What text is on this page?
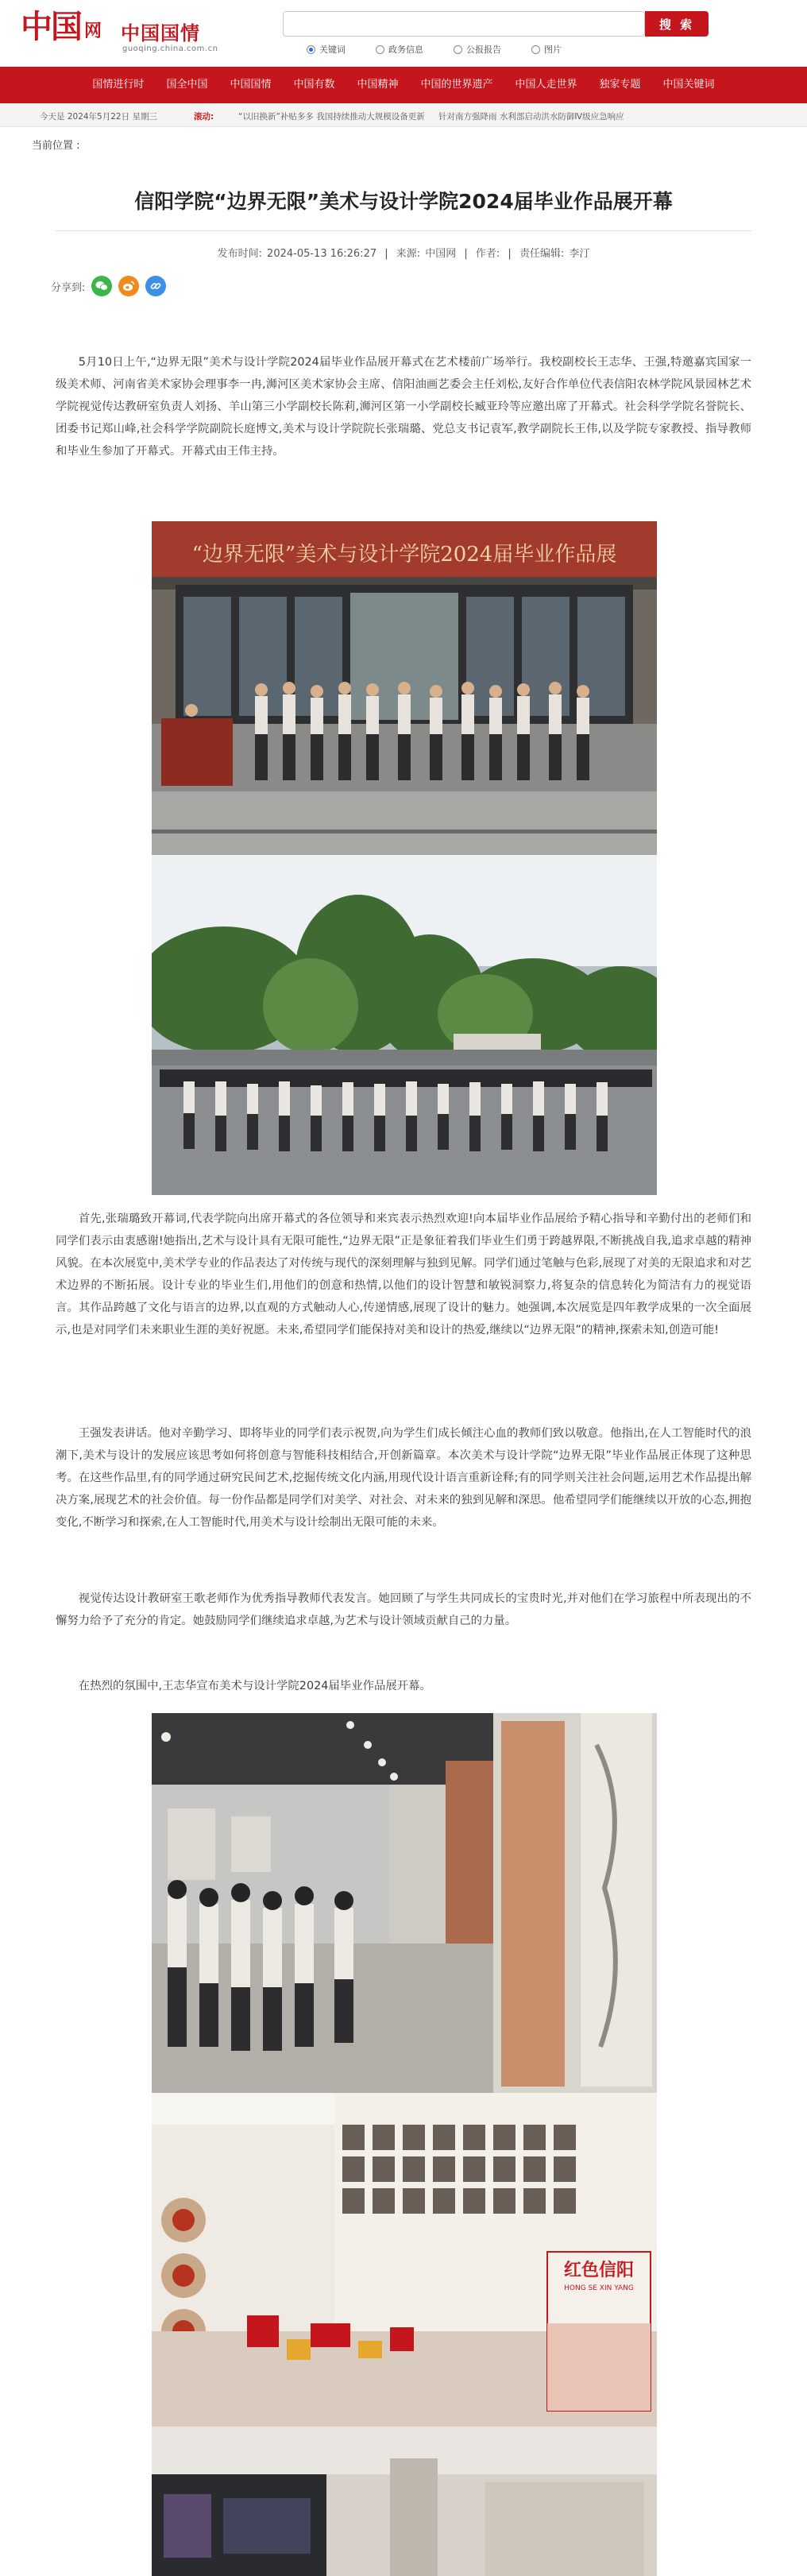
中国 网 中国国情
guoqing.china.com.cn
搜 索
关键词	政务信息	公报报告	图片
国情进行时	国全中国	中国国情	中国有数	中国精神	中国的世界遗产	中国人走世界	独家专题	中国关键词
今天是 2024年5月22日 星期三	滚动:	“以旧换新”补贴多多 我国持续推动大规模设备更新 针对南方强降雨 水利部启动洪水防御Ⅳ级应急响应
当前位置 :
信阳学院“边界无限”美术与设计学院2024届毕业作品展开幕
发布时间: 2024-05-13 16:26:27 | 来源: 中国网 | 作者: | 责任编辑: 李汀
分享到:

5月10日上午,“边界无限”美术与设计学院2024届毕业作品展开幕式在艺术楼前广场举行。我校副校长王志华、王强,特邀嘉宾国家一级美术师、河南省美术家协会理事李一冉,浉河区美术家协会主席、信阳油画艺委会主任刘松,友好合作单位代表信阳农林学院风景园林艺术学院视觉传达教研室负责人刘扬、羊山第三小学副校长陈莉,浉河区第一小学副校长臧亚玲等应邀出席了开幕式。社会科学学院名誉院长、团委书记郑山峰,社会科学学院副院长庭博文,美术与设计学院院长张瑞璐、党总支书记袁军,教学副院长王伟,以及学院专家教授、指导教师和毕业生参加了开幕式。开幕式由王伟主持。

“边界无限”美术与设计学院2024届毕业作品展

首先,张瑞璐致开幕词,代表学院向出席开幕式的各位领导和来宾表示热烈欢迎!向本届毕业作品展给予精心指导和辛勤付出的老师们和同学们表示由衷感谢!她指出,艺术与设计具有无限可能性,“边界无限”正是象征着我们毕业生们勇于跨越界限,不断挑战自我,追求卓越的精神风貌。在本次展览中,美术学专业的作品表达了对传统与现代的深刻理解与独到见解。同学们通过笔触与色彩,展现了对美的无限追求和对艺术边界的不断拓展。设计专业的毕业生们,用他们的创意和热情,以他们的设计智慧和敏锐洞察力,将复杂的信息转化为简洁有力的视觉语言。其作品跨越了文化与语言的边界,以直观的方式触动人心,传递情感,展现了设计的魅力。她强调,本次展览是四年教学成果的一次全面展示,也是对同学们未来职业生涯的美好祝愿。未来,希望同学们能保持对美和设计的热爱,继续以“边界无限”的精神,探索未知,创造可能!

王强发表讲话。他对辛勤学习、即将毕业的同学们表示祝贺,向为学生们成长倾注心血的教师们致以敬意。他指出,在人工智能时代的浪潮下,美术与设计的发展应该思考如何将创意与智能科技相结合,开创新篇章。本次美术与设计学院“边界无限”毕业作品展正体现了这种思考。在这些作品里,有的同学通过研究民间艺术,挖掘传统文化内涵,用现代设计语言重新诠释;有的同学则关注社会问题,运用艺术作品提出解决方案,展现艺术的社会价值。每一份作品都是同学们对美学、对社会、对未来的独到见解和深思。他希望同学们能继续以开放的心态,拥抱变化,不断学习和探索,在人工智能时代,用美术与设计绘制出无限可能的未来。

视觉传达设计教研室王歌老师作为优秀指导教师代表发言。她回顾了与学生共同成长的宝贵时光,并对他们在学习旅程中所表现出的不懈努力给予了充分的肯定。她鼓励同学们继续追求卓越,为艺术与设计领域贡献自己的力量。

在热烈的氛围中,王志华宣布美术与设计学院2024届毕业作品展开幕。

红色信阳
HONG SE XIN YANG
